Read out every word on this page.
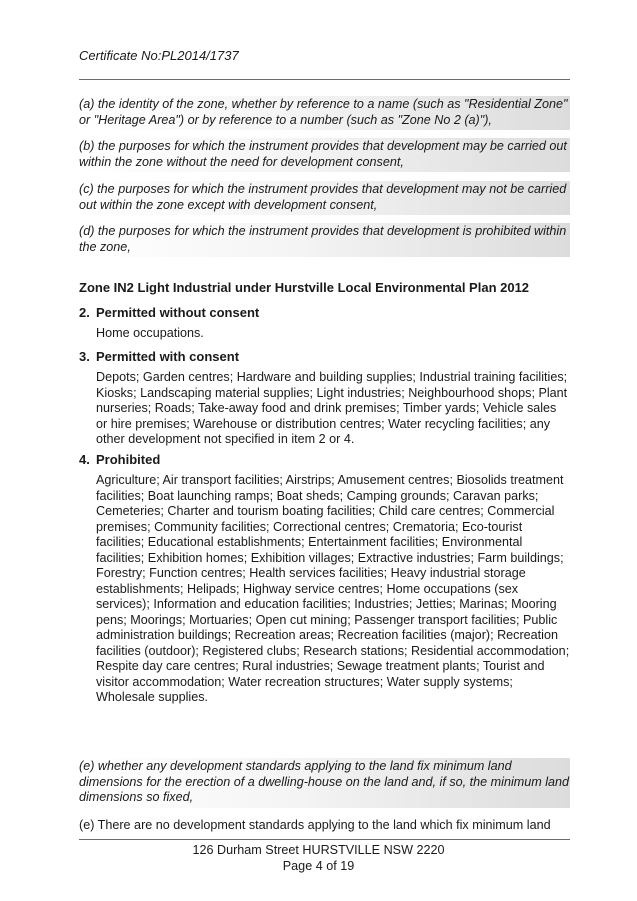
Certificate No:PL2014/1737
(a) the identity of the zone, whether by reference to a name (such as "Residential Zone" or "Heritage Area") or by reference to a number (such as "Zone No 2 (a)"),
(b) the purposes for which the instrument provides that development may be carried out within the zone without the need for development consent,
(c) the purposes for which the instrument provides that development may not be carried out within the zone except with development consent,
(d) the purposes for which the instrument provides that development is prohibited within the zone,
Zone IN2 Light Industrial under Hurstville Local Environmental Plan 2012
2. Permitted without consent
Home occupations.
3. Permitted with consent
Depots; Garden centres; Hardware and building supplies; Industrial training facilities; Kiosks; Landscaping material supplies; Light industries; Neighbourhood shops; Plant nurseries; Roads; Take-away food and drink premises; Timber yards; Vehicle sales or hire premises; Warehouse or distribution centres; Water recycling facilities; any other development not specified in item 2 or 4.
4. Prohibited
Agriculture; Air transport facilities; Airstrips; Amusement centres; Biosolids treatment facilities; Boat launching ramps; Boat sheds; Camping grounds; Caravan parks; Cemeteries; Charter and tourism boating facilities; Child care centres; Commercial premises; Community facilities; Correctional centres; Crematoria; Eco-tourist facilities; Educational establishments; Entertainment facilities; Environmental facilities; Exhibition homes; Exhibition villages; Extractive industries; Farm buildings; Forestry; Function centres; Health services facilities; Heavy industrial storage establishments; Helipads; Highway service centres; Home occupations (sex services); Information and education facilities; Industries; Jetties; Marinas; Mooring pens; Moorings; Mortuaries; Open cut mining; Passenger transport facilities; Public administration buildings; Recreation areas; Recreation facilities (major); Recreation facilities (outdoor); Registered clubs; Research stations; Residential accommodation; Respite day care centres; Rural industries; Sewage treatment plants; Tourist and visitor accommodation; Water recreation structures; Water supply systems; Wholesale supplies.
(e) whether any development standards applying to the land fix minimum land dimensions for the erection of a dwelling-house on the land and, if so, the minimum land dimensions so fixed,
(e) There are no development standards applying to the land which fix minimum land
126 Durham Street HURSTVILLE NSW 2220
Page 4 of 19
